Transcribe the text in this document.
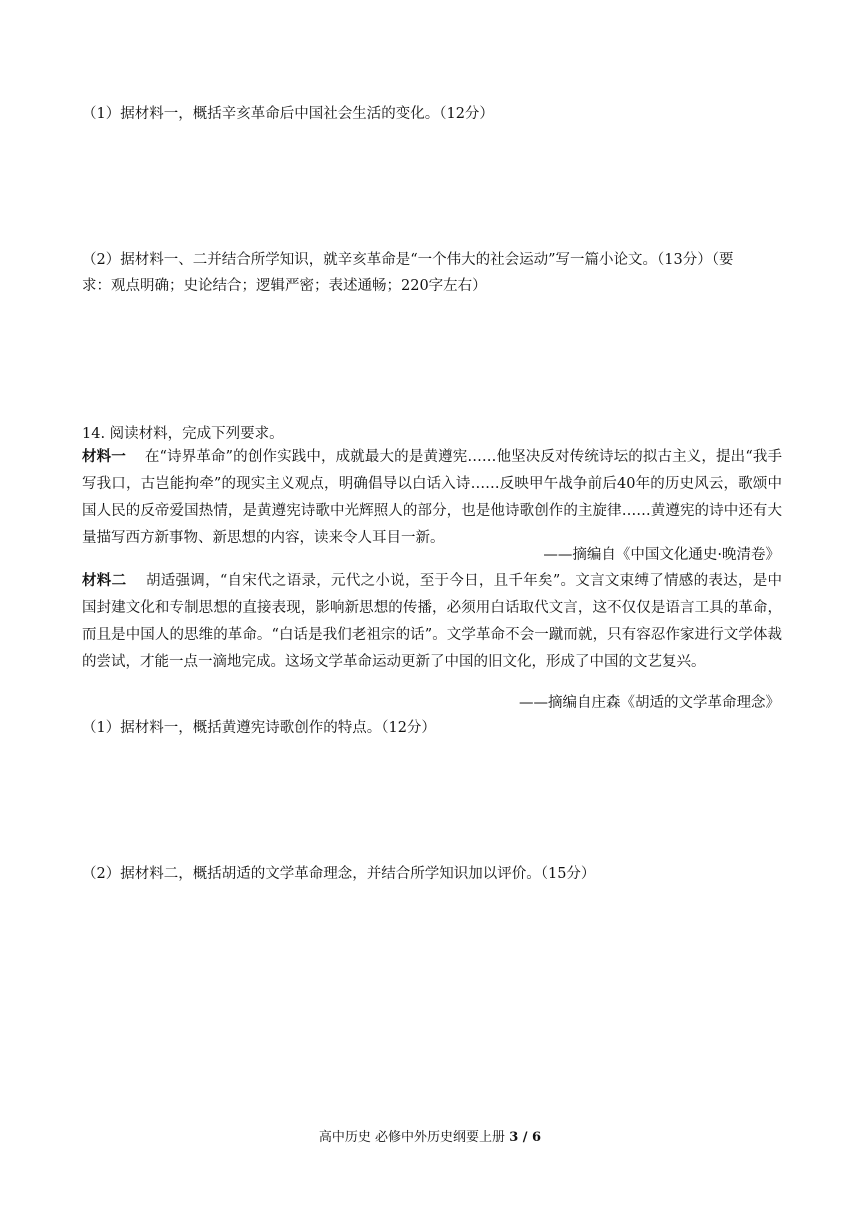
（1）据材料一，概括辛亥革命后中国社会生活的变化。（12分）
（2）据材料一、二并结合所学知识，就辛亥革命是“一个伟大的社会运动”写一篇小论文。（13分）（要
求：观点明确；史论结合；逻辑严密；表述通畅；220字左右）
14. 阅读材料，完成下列要求。
材料一 在“诗界革命”的创作实践中，成就最大的是黄遵宪……他坚决反对传统诗坛的拟古主义，提出“我手写我口，古岂能拘牵”的现实主义观点，明确倡导以白话入诗……反映甲午战争前后40年的历史风云，歌颂中国人民的反帝爱国热情，是黄遵宪诗歌中光辉照人的部分，也是他诗歌创作的主旋律……黄遵宪的诗中还有大量描写西方新事物、新思想的内容，读来令人耳目一新。
——摘编自《中国文化通史·晚清卷》
材料二 胡适强调，“自宋代之语录，元代之小说，至于今日，且千年矣”。文言文束缚了情感的表达，是中国封建文化和专制思想的直接表现，影响新思想的传播，必须用白话取代文言，这不仅仅是语言工具的革命，而且是中国人的思维的革命。“白话是我们老祖宗的话”。文学革命不会一蹴而就，只有容忍作家进行文学体裁的尝试，才能一点一滴地完成。这场文学革命运动更新了中国的旧文化，形成了中国的文艺复兴。
——摘编自庄森《胡适的文学革命理念》
（1）据材料一，概括黄遵宪诗歌创作的特点。（12分）
（2）据材料二，概括胡适的文学革命理念，并结合所学知识加以评价。（15分）
高中历史 必修中外历史纲要上册 3 / 6
